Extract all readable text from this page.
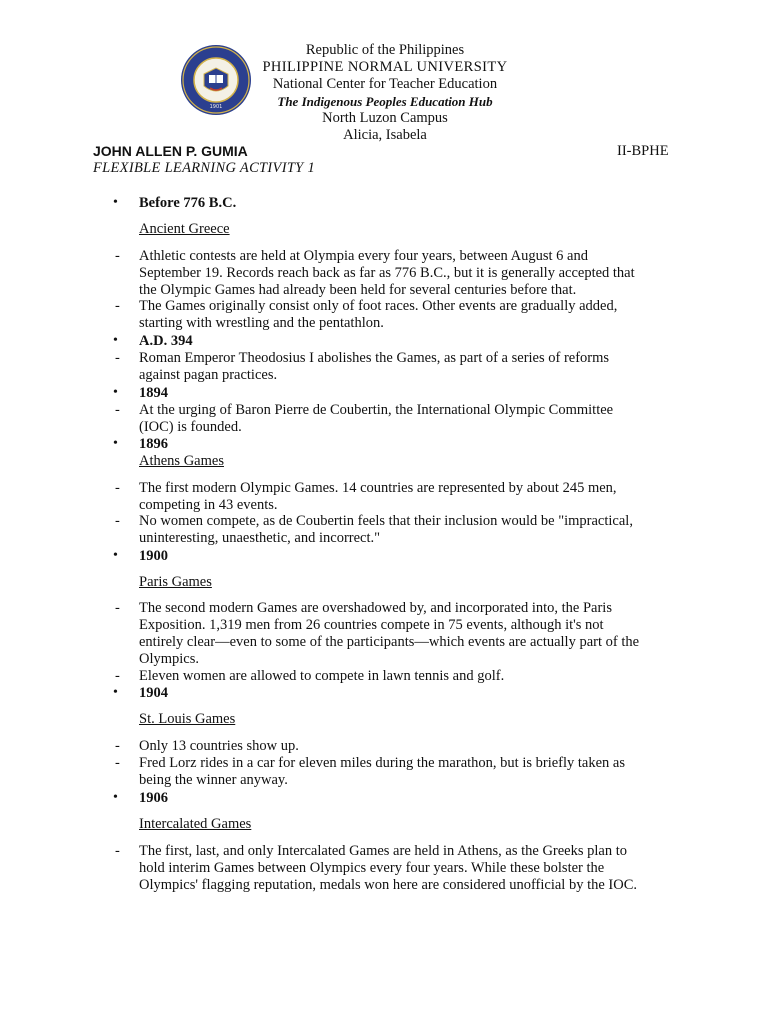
1901
Republic of the Philippines
PHILIPPINE NORMAL UNIVERSITY
National Center for Teacher Education
The Indigenous Peoples Education Hub
North Luzon Campus
Alicia, Isabela
JOHN ALLEN P. GUMIA	II-BPHE
FLEXIBLE LEARNING ACTIVITY 1
• Before 776 B.C.
Ancient Greece
- Athletic contests are held at Olympia every four years, between August 6 and
September 19. Records reach back as far as 776 B.C., but it is generally accepted that
the Olympic Games had already been held for several centuries before that.
- The Games originally consist only of foot races. Other events are gradually added,
starting with wrestling and the pentathlon.
• A.D. 394
- Roman Emperor Theodosius I abolishes the Games, as part of a series of reforms
against pagan practices.
• 1894
- At the urging of Baron Pierre de Coubertin, the International Olympic Committee
(IOC) is founded.
• 1896
Athens Games
- The first modern Olympic Games. 14 countries are represented by about 245 men,
competing in 43 events.
- No women compete, as de Coubertin feels that their inclusion would be "impractical,
uninteresting, unaesthetic, and incorrect."
• 1900
Paris Games
- The second modern Games are overshadowed by, and incorporated into, the Paris
Exposition. 1,319 men from 26 countries compete in 75 events, although it's not
entirely clear—even to some of the participants—which events are actually part of the
Olympics.
- Eleven women are allowed to compete in lawn tennis and golf.
• 1904
St. Louis Games
- Only 13 countries show up.
- Fred Lorz rides in a car for eleven miles during the marathon, but is briefly taken as
being the winner anyway.
• 1906
Intercalated Games
- The first, last, and only Intercalated Games are held in Athens, as the Greeks plan to
hold interim Games between Olympics every four years. While these bolster the
Olympics' flagging reputation, medals won here are considered unofficial by the IOC.
